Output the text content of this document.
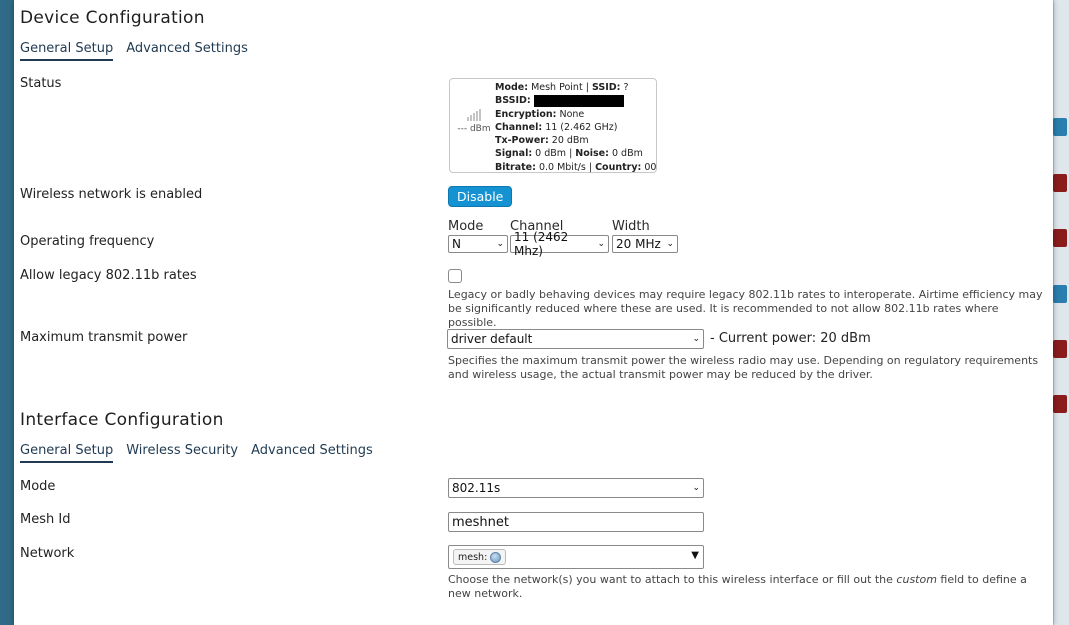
Device Configuration
General Setup Advanced Settings
Status
--- dBm
Mode: Mesh Point | SSID: ?
BSSID:
Encryption: None
Channel: 11 (2.462 GHz)
Tx-Power: 20 dBm
Signal: 0 dBm | Noise: 0 dBm
Bitrate: 0.0 Mbit/s | Country: 00
Wireless network is enabled	Disable
Operating frequency
Mode
N	⌄
Channel
11 (2462 Mhz)	⌄
Width
20 MHz ⌄
Allow legacy 802.11b rates
Legacy or badly behaving devices may require legacy 802.11b rates to interoperate. Airtime efficiency may be significantly reduced where these are used. It is recommended to not allow 802.11b rates where possible.
Maximum transmit power	driver default	⌄ - Current power: 20 dBm
Specifies the maximum transmit power the wireless radio may use. Depending on regulatory requirements and wireless usage, the actual transmit power may be reduced by the driver.
Interface Configuration
General Setup Wireless Security Advanced Settings
Mode	802.11s	⌄
Mesh Id	meshnet
Network	mesh:	▼
Choose the network(s) you want to attach to this wireless interface or fill out the custom field to define a new network.
